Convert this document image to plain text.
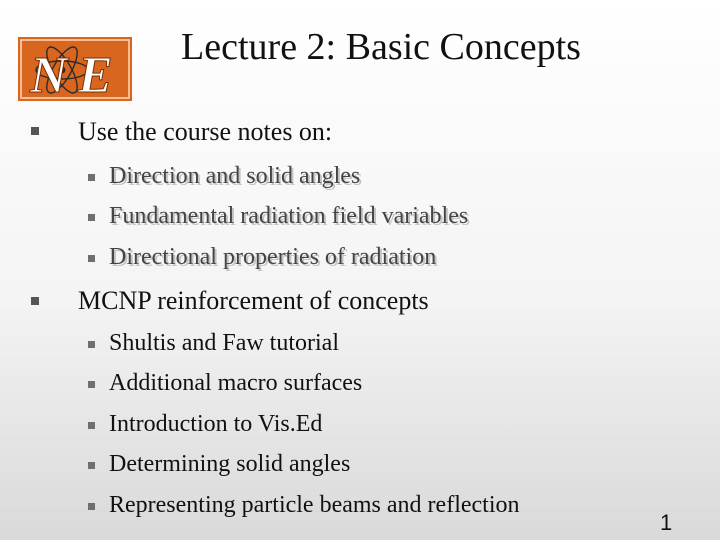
N E	Lecture 2: Basic Concepts
Use the course notes on:
Direction and solid angles
Fundamental radiation field variables
Directional properties of radiation
MCNP reinforcement of concepts
Shultis and Faw tutorial
Additional macro surfaces
Introduction to Vis.Ed
Determining solid angles
Representing particle beams and reflection
1
